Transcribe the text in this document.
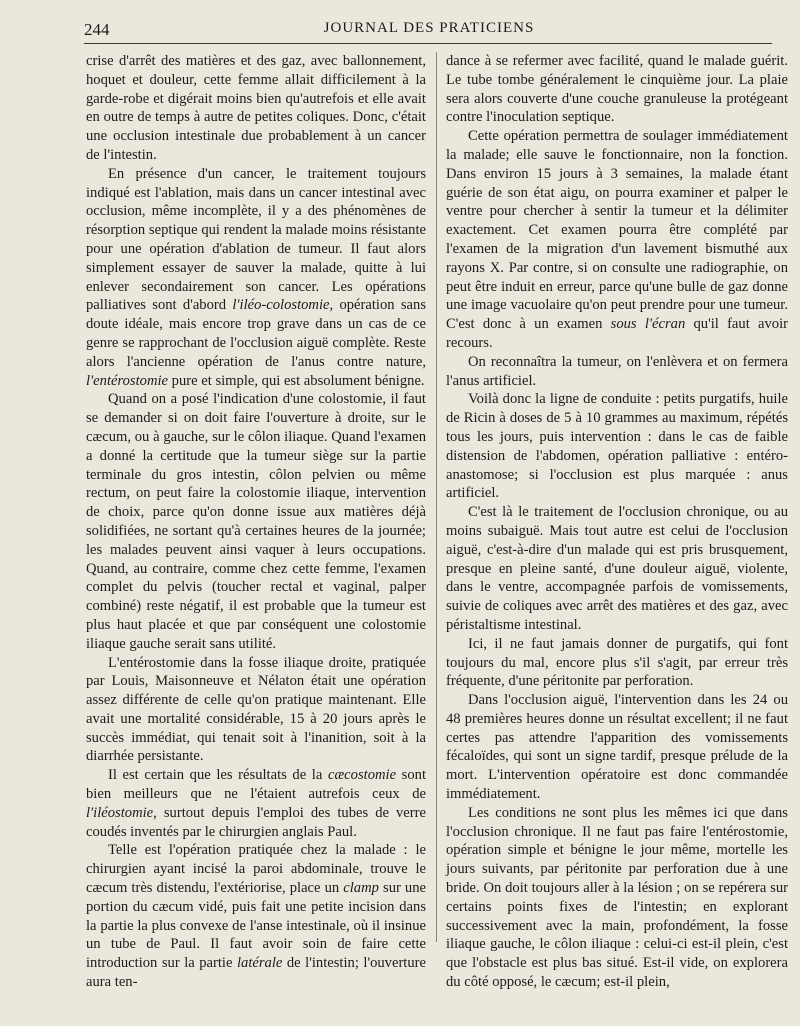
244	JOURNAL DES PRATICIENS

crise d'arrêt des matières et des gaz, avec ballonnement, hoquet et douleur, cette femme allait difficilement à la garde-robe et digérait moins bien qu'autrefois et elle avait en outre de temps à autre de petites coliques. Donc, c'était une occlusion intestinale due probablement à un cancer de l'intestin.

En présence d'un cancer, le traitement toujours indiqué est l'ablation, mais dans un cancer intestinal avec occlusion, même incomplète, il y a des phénomènes de résorption septique qui rendent la malade moins résistante pour une opération d'ablation de tumeur. Il faut alors simplement essayer de sauver la malade, quitte à lui enlever secondairement son cancer. Les opérations palliatives sont d'abord l'iléo-colostomie, opération sans doute idéale, mais encore trop grave dans un cas de ce genre se rapprochant de l'occlusion aiguë complète. Reste alors l'ancienne opération de l'anus contre nature, l'entérostomie pure et simple, qui est absolument bénigne.

Quand on a posé l'indication d'une colostomie, il faut se demander si on doit faire l'ouverture à droite, sur le cæcum, ou à gauche, sur le côlon iliaque. Quand l'examen a donné la certitude que la tumeur siège sur la partie terminale du gros intestin, côlon pelvien ou même rectum, on peut faire la colostomie iliaque, intervention de choix, parce qu'on donne issue aux matières déjà solidifiées, ne sortant qu'à certaines heures de la journée; les malades peuvent ainsi vaquer à leurs occupations. Quand, au contraire, comme chez cette femme, l'examen complet du pelvis (toucher rectal et vaginal, palper combiné) reste négatif, il est probable que la tumeur est plus haut placée et que par conséquent une colostomie iliaque gauche serait sans utilité.

L'entérostomie dans la fosse iliaque droite, pratiquée par Louis, Maisonneuve et Nélaton était une opération assez différente de celle qu'on pratique maintenant. Elle avait une mortalité considérable, 15 à 20 jours après le succès immédiat, qui tenait soit à l'inanition, soit à la diarrhée persistante.

Il est certain que les résultats de la cæcostomie sont bien meilleurs que ne l'étaient autrefois ceux de l'iléostomie, surtout depuis l'emploi des tubes de verre coudés inventés par le chirurgien anglais Paul.

Telle est l'opération pratiquée chez la malade : le chirurgien ayant incisé la paroi abdominale, trouve le cæcum très distendu, l'extériorise, place un clamp sur une portion du cæcum vidé, puis fait une petite incision dans la partie la plus convexe de l'anse intestinale, où il insinue un tube de Paul. Il faut avoir soin de faire cette introduction sur la partie latérale de l'intestin; l'ouverture aura ten-

dance à se refermer avec facilité, quand le malade guérit. Le tube tombe généralement le cinquième jour. La plaie sera alors couverte d'une couche granuleuse la protégeant contre l'inoculation septique.

Cette opération permettra de soulager immédiatement la malade; elle sauve le fonctionnaire, non la fonction. Dans environ 15 jours à 3 semaines, la malade étant guérie de son état aigu, on pourra examiner et palper le ventre pour chercher à sentir la tumeur et la délimiter exactement. Cet examen pourra être complété par l'examen de la migration d'un lavement bismuthé aux rayons X. Par contre, si on consulte une radiographie, on peut être induit en erreur, parce qu'une bulle de gaz donne une image vacuolaire qu'on peut prendre pour une tumeur. C'est donc à un examen sous l'écran qu'il faut avoir recours.

On reconnaîtra la tumeur, on l'enlèvera et on fermera l'anus artificiel.

Voilà donc la ligne de conduite : petits purgatifs, huile de Ricin à doses de 5 à 10 grammes au maximum, répétés tous les jours, puis intervention : dans le cas de faible distension de l'abdomen, opération palliative : entéro-anastomose; si l'occlusion est plus marquée : anus artificiel.

C'est là le traitement de l'occlusion chronique, ou au moins subaiguë. Mais tout autre est celui de l'occlusion aiguë, c'est-à-dire d'un malade qui est pris brusquement, presque en pleine santé, d'une douleur aiguë, violente, dans le ventre, accompagnée parfois de vomissements, suivie de coliques avec arrêt des matières et des gaz, avec péristaltisme intestinal.

Ici, il ne faut jamais donner de purgatifs, qui font toujours du mal, encore plus s'il s'agit, par erreur très fréquente, d'une péritonite par perforation.

Dans l'occlusion aiguë, l'intervention dans les 24 ou 48 premières heures donne un résultat excellent; il ne faut certes pas attendre l'apparition des vomissements fécaloïdes, qui sont un signe tardif, presque prélude de la mort. L'intervention opératoire est donc commandée immédiatement.

Les conditions ne sont plus les mêmes ici que dans l'occlusion chronique. Il ne faut pas faire l'entérostomie, opération simple et bénigne le jour même, mortelle les jours suivants, par péritonite par perforation due à une bride. On doit toujours aller à la lésion ; on se repérera sur certains points fixes de l'intestin; en explorant successivement avec la main, profondément, la fosse iliaque gauche, le côlon iliaque : celui-ci est-il plein, c'est que l'obstacle est plus bas situé. Est-il vide, on explorera du côté opposé, le cæcum; est-il plein,
